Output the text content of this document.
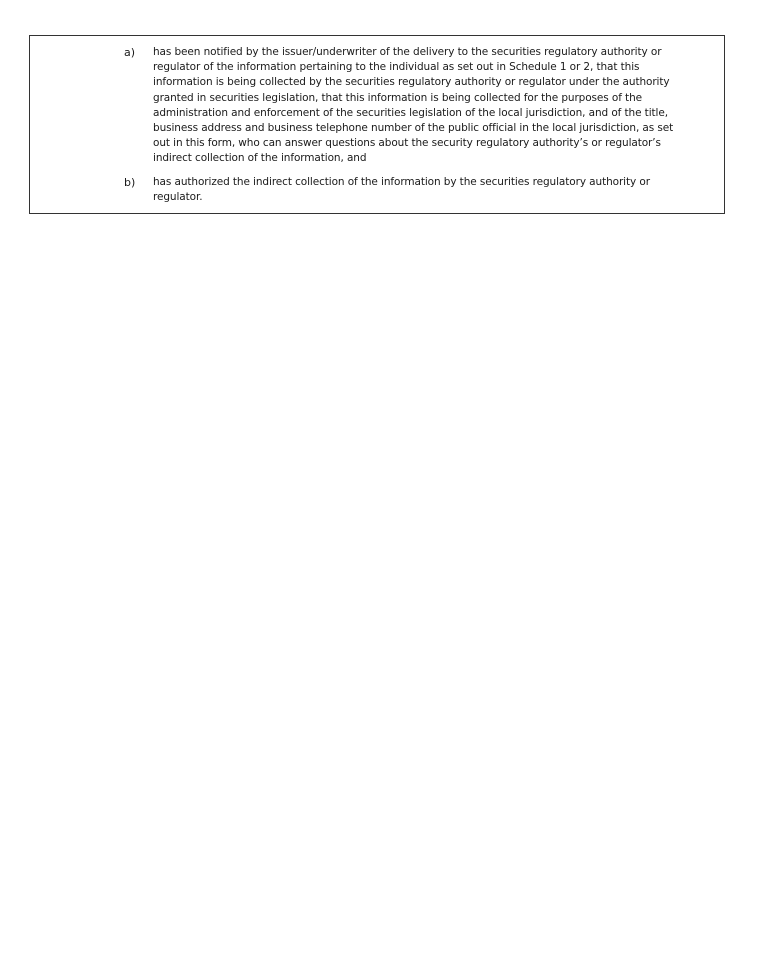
a) has been notified by the issuer/underwriter of the delivery to the securities regulatory authority or
regulator of the information pertaining to the individual as set out in Schedule 1 or 2, that this
information is being collected by the securities regulatory authority or regulator under the authority
granted in securities legislation, that this information is being collected for the purposes of the
administration and enforcement of the securities legislation of the local jurisdiction, and of the title,
business address and business telephone number of the public official in the local jurisdiction, as set
out in this form, who can answer questions about the security regulatory authority’s or regulator’s
indirect collection of the information, and
b) has authorized the indirect collection of the information by the securities regulatory authority or
regulator.
